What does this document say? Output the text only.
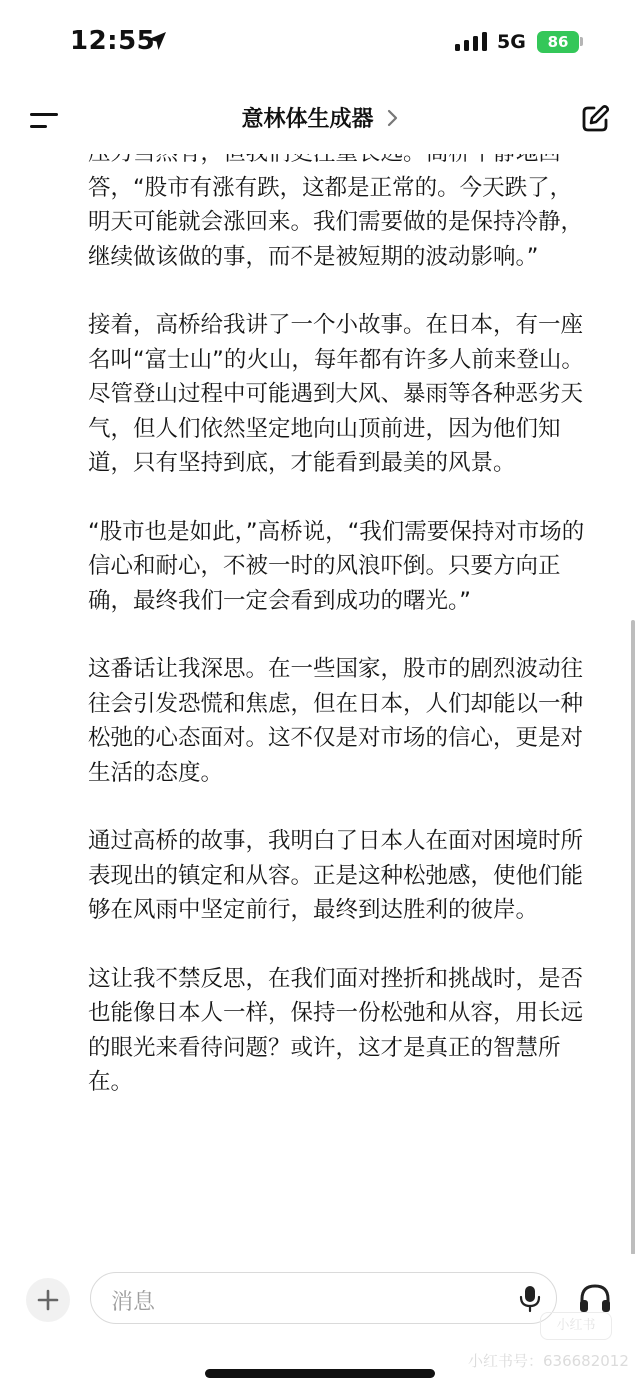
12:55	5G	86
意林体生成器

答，“股市有涨有跌，这都是正常的。今天跌了，明天可能就会涨回来。我们需要做的是保持冷静，继续做该做的事，而不是被短期的波动影响。”

接着，高桥给我讲了一个小故事。在日本，有一座名叫“富士山”的火山，每年都有许多人前来登山。尽管登山过程中可能遇到大风、暴雨等各种恶劣天气，但人们依然坚定地向山顶前进，因为他们知道，只有坚持到底，才能看到最美的风景。

“股市也是如此，”高桥说，“我们需要保持对市场的信心和耐心，不被一时的风浪吓倒。只要方向正确，最终我们一定会看到成功的曙光。”

这番话让我深思。在一些国家，股市的剧烈波动往往会引发恐慌和焦虑，但在日本，人们却能以一种松弛的心态面对。这不仅是对市场的信心，更是对生活的态度。

通过高桥的故事，我明白了日本人在面对困境时所表现出的镇定和从容。正是这种松弛感，使他们能够在风雨中坚定前行，最终到达胜利的彼岸。

这让我不禁反思，在我们面对挫折和挑战时，是否也能像日本人一样，保持一份松弛和从容，用长远的眼光来看待问题？或许，这才是真正的智慧所在。

消息
小红书
小红书号：636682012
